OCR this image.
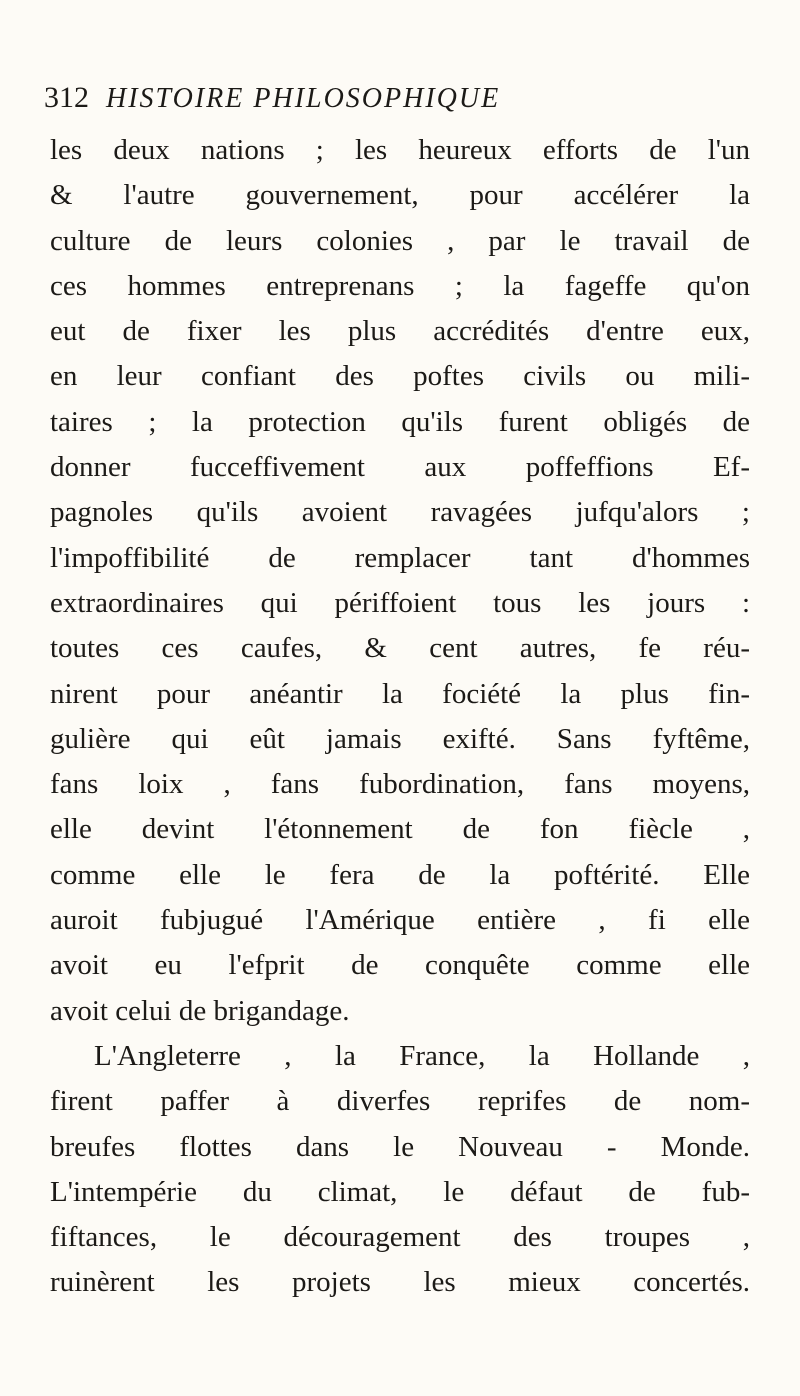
312 HISTOIRE PHILOSOPHIQUE
les deux nations ; les heureux efforts de l'un
& l'autre gouvernement, pour accélérer la
culture de leurs colonies , par le travail de
ces hommes entreprenans ; la fageffe qu'on
eut de fixer les plus accrédités d'entre eux,
en leur confiant des poftes civils ou mili-
taires ; la protection qu'ils furent obligés de
donner fucceffivement aux poffeffions Ef-
pagnoles qu'ils avoient ravagées jufqu'alors ;
l'impoffibilité de remplacer tant d'hommes
extraordinaires qui périffoient tous les jours :
toutes ces caufes, & cent autres, fe réu-
nirent pour anéantir la fociété la plus fin-
gulière qui eût jamais exifté. Sans fyftême,
fans loix , fans fubordination, fans moyens,
elle devint l'étonnement de fon fiècle ,
comme elle le fera de la poftérité. Elle
auroit fubjugué l'Amérique entière , fi elle
avoit eu l'efprit de conquête comme elle
avoit celui de brigandage.
L'Angleterre , la France, la Hollande ,
firent paffer à diverfes reprifes de nom-
breufes flottes dans le Nouveau - Monde.
L'intempérie du climat, le défaut de fub-
fiftances, le découragement des troupes ,
ruinèrent les projets les mieux concertés.
